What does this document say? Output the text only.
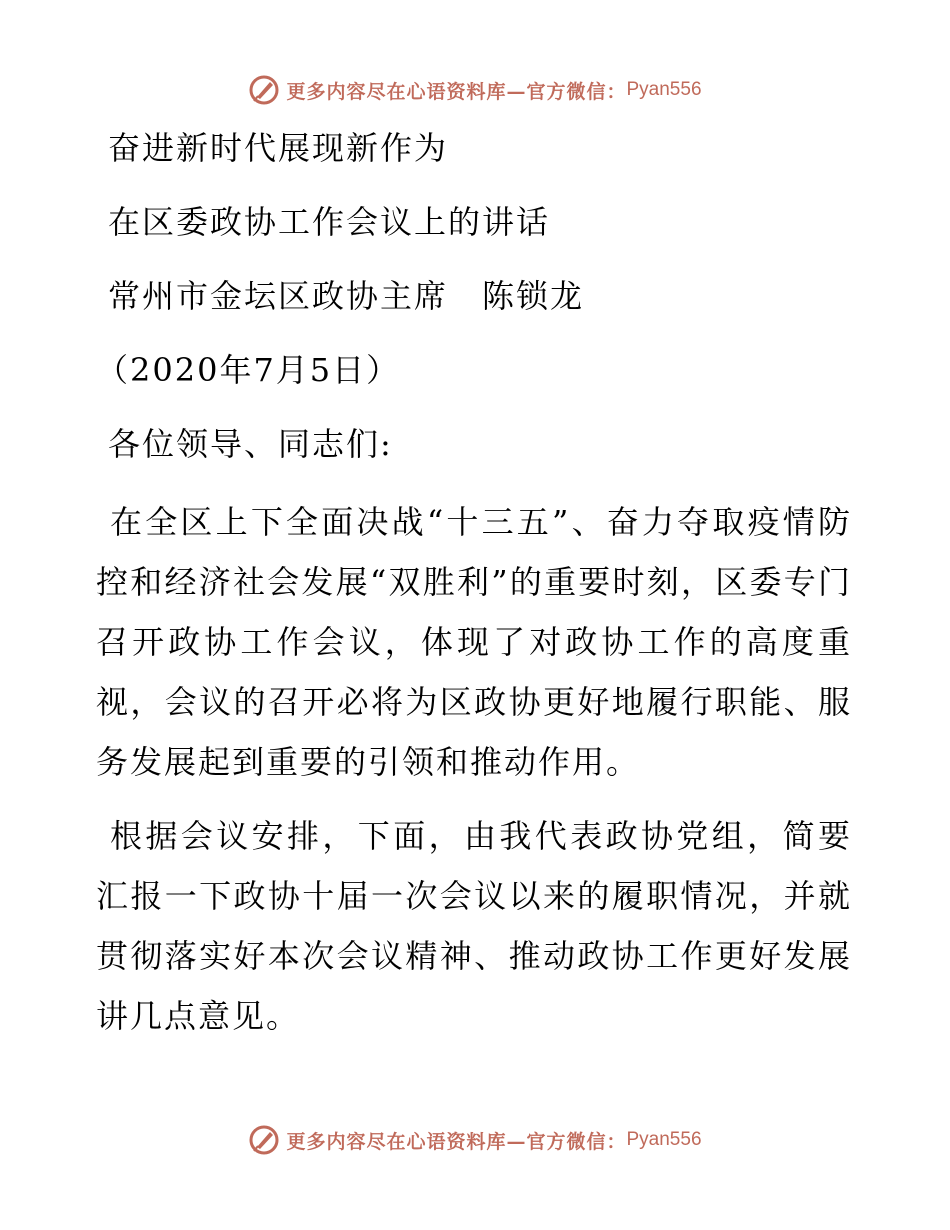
更多内容尽在心语资料库—官方微信： Pyan556
奋进新时代展现新作为
在区委政协工作会议上的讲话
常州市金坛区政协主席　陈锁龙
（2020年7月5日）
各位领导、同志们:

在全区上下全面决战“十三五”、奋力夺取疫情防控和经济社会发展“双胜利”的重要时刻，区委专门召开政协工作会议，体现了对政协工作的高度重视，会议的召开必将为区政协更好地履行职能、服务发展起到重要的引领和推动作用。

根据会议安排，下面，由我代表政协党组，简要汇报一下政协十届一次会议以来的履职情况，并就贯彻落实好本次会议精神、推动政协工作更好发展讲几点意见。

更多内容尽在心语资料库—官方微信： Pyan556
